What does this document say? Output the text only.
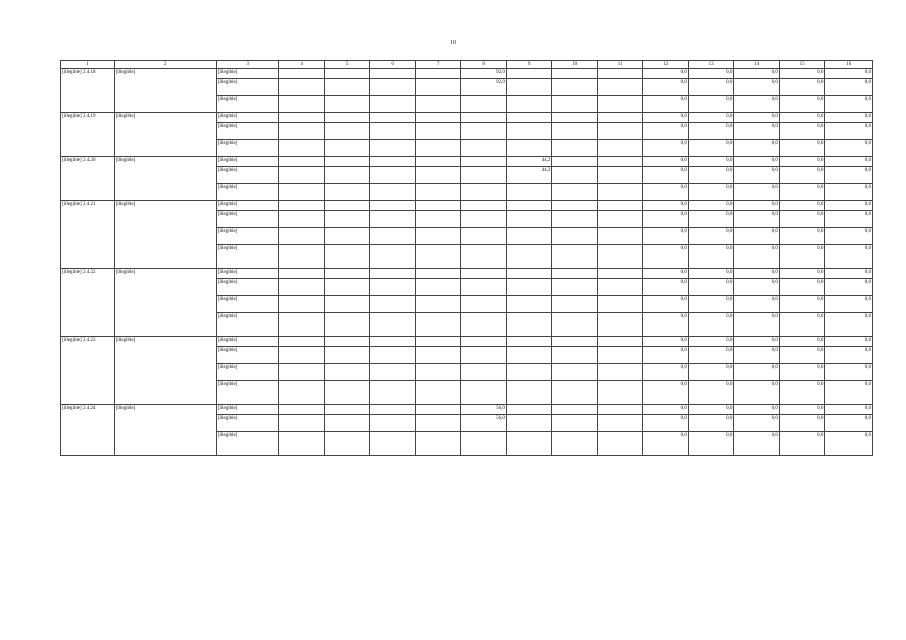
10
1	2	3	4	5	6	7	8	9	10	11	12	13	14	15	16
[illegible] 2.4.18	[illegible]	[illegible]					92,0				0,0	0,0	0,0	0,0	0,0
		[illegible]					92,0				0,0	0,0	0,0	0,0	0,0
		[illegible]									0,0	0,0	0,0	0,0	0,0
[illegible] 2.4.19	[illegible]	[illegible]									0,0	0,0	0,0	0,0	0,0
		[illegible]									0,0	0,0	0,0	0,0	0,0
		[illegible]									0,0	0,0	0,0	0,0	0,0
[illegible] 2.4.20	[illegible]	[illegible]						44,2			0,0	0,0	0,0	0,0	0,0
		[illegible]						44,2			0,0	0,0	0,0	0,0	0,0
		[illegible]									0,0	0,0	0,0	0,0	0,0
[illegible] 2.4.21	[illegible]	[illegible]									0,0	0,0	0,0	0,0	0,0
		[illegible]									0,0	0,0	0,0	0,0	0,0
		[illegible]									0,0	0,0	0,0	0,0	0,0
		[illegible]									0,0	0,0	0,0	0,0	0,0
[illegible] 2.4.22	[illegible]	[illegible]									0,0	0,0	0,0	0,0	0,0
		[illegible]									0,0	0,0	0,0	0,0	0,0
		[illegible]									0,0	0,0	0,0	0,0	0,0
		[illegible]									0,0	0,0	0,0	0,0	0,0
[illegible] 2.4.23	[illegible]	[illegible]									0,0	0,0	0,0	0,0	0,0
		[illegible]									0,0	0,0	0,0	0,0	0,0
		[illegible]									0,0	0,0	0,0	0,0	0,0
		[illegible]									0,0	0,0	0,0	0,0	0,0
[illegible] 2.4.24	[illegible]	[illegible]					56,0				0,0	0,0	0,0	0,0	0,0
		[illegible]					56,0				0,0	0,0	0,0	0,0	0,0
		[illegible]									0,0	0,0	0,0	0,0	0,0
